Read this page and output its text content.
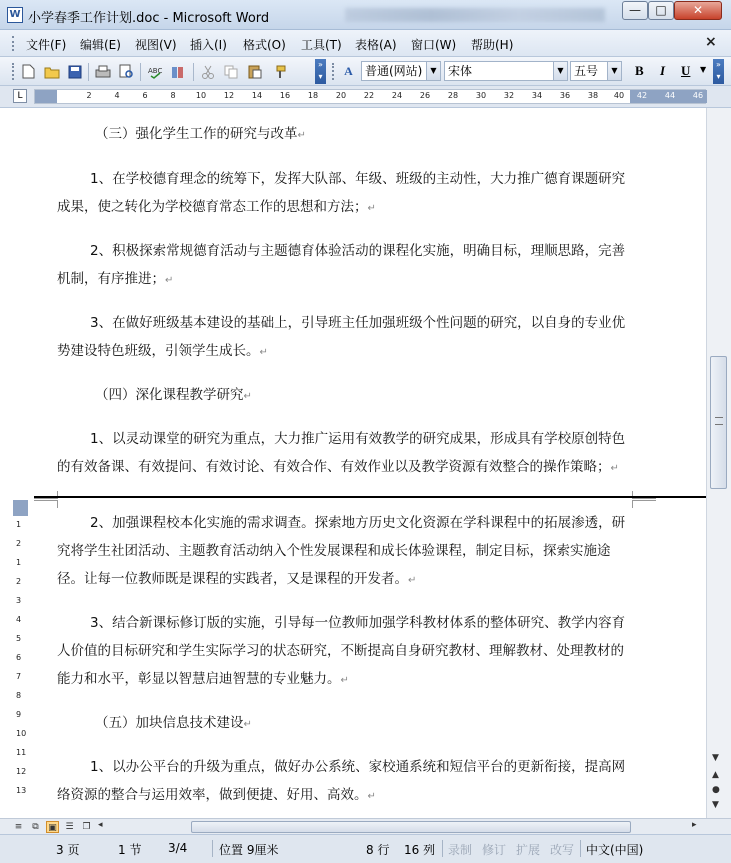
W 小学春季工作计划.doc - Microsoft Word
—	□	✕
文件(F) 编辑(E) 视图(V) 插入(I) 格式(O) 工具(T) 表格(A) 窗口(W) 帮助(H)	×
ABC
»
▾	A	普通(网站)	▼ 宋体	▼ 五号	▼ B I U ▼
»
▾
L	42 44 46
2	4	6	8	10 12 14 16 18 20 22 24 26 28 30 32 34 36 38 40
1
2
1
2
3
4
5
6
7
8
9
10
11
12
13
（三）强化学生工作的研究与改革↵
1、在学校德育理念的统筹下，发挥大队部、年级、班级的主动性，大力推广德育课题研究成果，使之转化为学校德育常态工作的思想和方法；↵
2、积极探索常规德育活动与主题德育体验活动的课程化实施，明确目标，理顺思路，完善机制，有序推进；↵
3、在做好班级基本建设的基础上，引导班主任加强班级个性问题的研究，以自身的专业优势建设特色班级，引领学生成长。↵
（四）深化课程教学研究↵
1、以灵动课堂的研究为重点，大力推广运用有效教学的研究成果，形成具有学校原创特色的有效备课、有效提问、有效讨论、有效合作、有效作业以及教学资源有效整合的操作策略；↵
2、加强课程校本化实施的需求调查。探索地方历史文化资源在学科课程中的拓展渗透，研究将学生社团活动、主题教育活动纳入个性发展课程和成长体验课程，制定目标，探索实施途径。让每一位教师既是课程的实践者，又是课程的开发者。↵
3、结合新课标修订版的实施，引导每一位教师加强学科教材体系的整体研究、教学内容育人价值的目标研究和学生实际学习的状态研究，不断提高自身研究教材、理解教材、处理教材的能力和水平，彰显以智慧启迪智慧的专业魅力。↵
（五）加块信息技术建设↵
1、以办公平台的升级为重点，做好办公系统、家校通系统和短信平台的更新衔接，提高网络资源的整合与运用效率，做到便捷、好用、高效。↵
▼
▲
●
▼
≡	⧉	▣ ☰ ❐ ◂	▸
3 页	1 节 3/4	位置 9厘米	8 行 16 列 录制 修订 扩展 改写 中文(中国)
